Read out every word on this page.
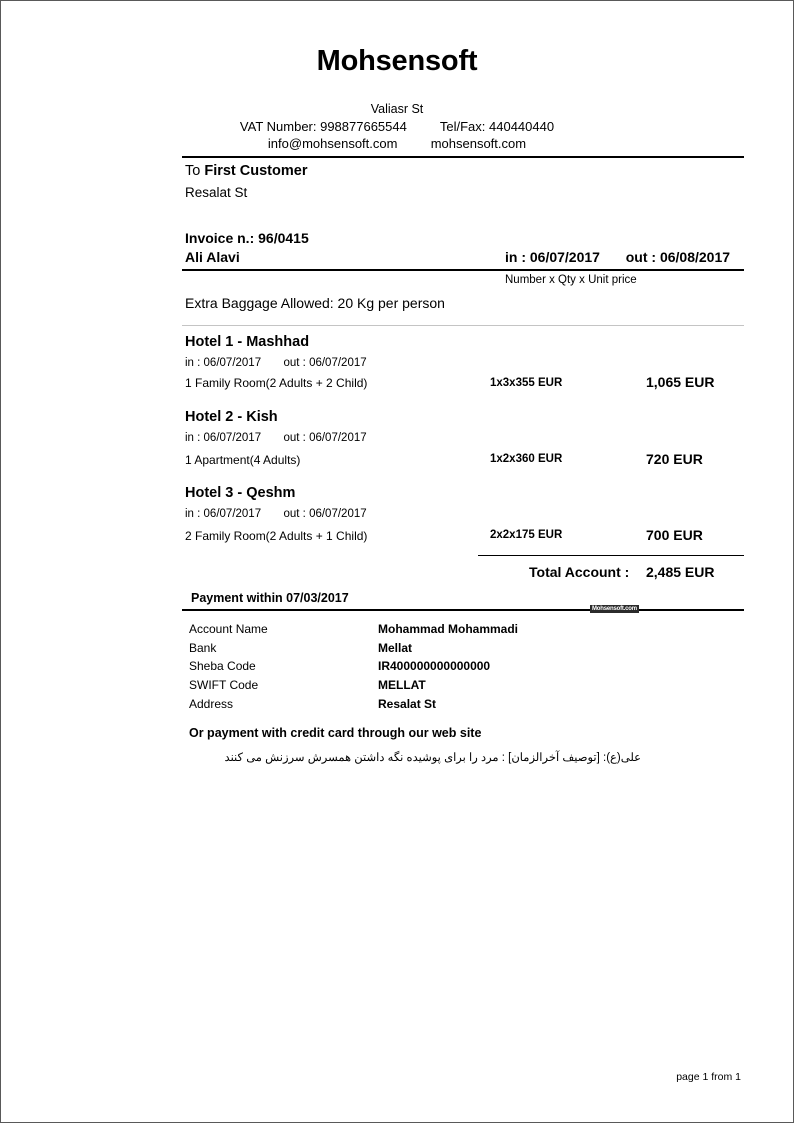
Mohsensoft
Valiasr St
VAT Number: 998877665544	Tel/Fax: 440440440
info@mohsensoft.com	mohsensoft.com
To First Customer
Resalat St
Invoice n.: 96/0415
Ali Alavi	in : 06/07/2017 out : 06/08/2017
Number x Qty x Unit price
Extra Baggage Allowed: 20 Kg per person
Hotel 1 - Mashhad
in : 06/07/2017 out : 06/07/2017
1 Family Room(2 Adults + 2 Child)	1x3x355 EUR	1,065 EUR
Hotel 2 - Kish
in : 06/07/2017 out : 06/07/2017
1 Apartment(4 Adults)	1x2x360 EUR	720 EUR
Hotel 3 - Qeshm
in : 06/07/2017 out : 06/07/2017
2 Family Room(2 Adults + 1 Child)	2x2x175 EUR	700 EUR
Total Account : 2,485 EUR
Payment within 07/03/2017
Mohsensoft.com
Account Name	Mohammad Mohammadi
Bank	Mellat
Sheba Code	IR400000000000000
SWIFT Code	MELLAT
Address	Resalat St
Or payment with credit card through our web site
علی(ع): [توصیف آخرالزمان] : مرد را برای پوشیده نگه داشتن همسرش سرزنش می کنند
page 1 from 1
